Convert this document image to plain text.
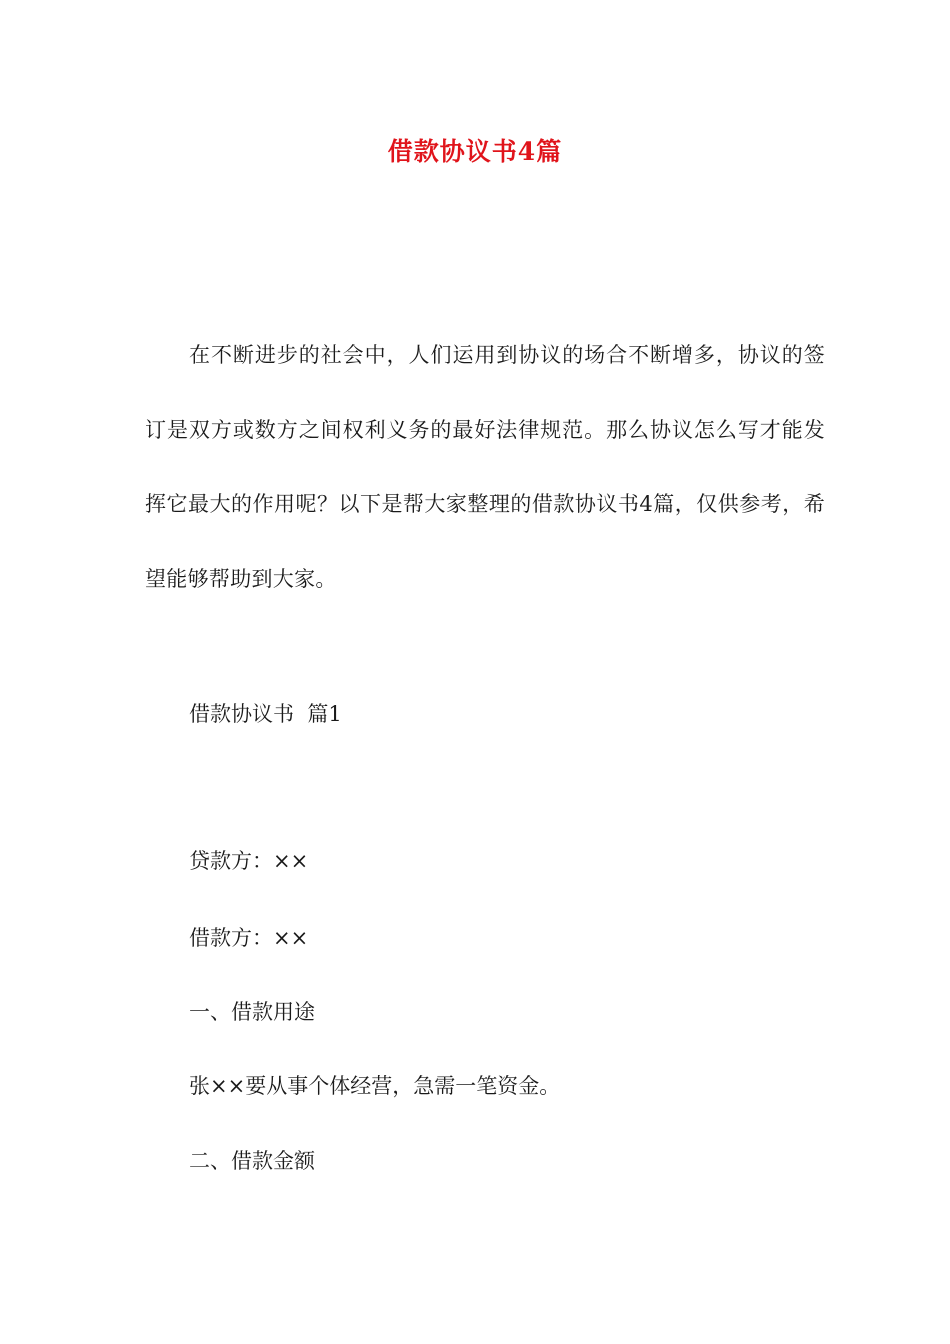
借款协议书4篇

在不断进步的社会中，人们运用到协议的场合不断增多，协议的签订是双方或数方之间权利义务的最好法律规范。那么协议怎么写才能发挥它最大的作用呢？以下是帮大家整理的借款协议书4篇，仅供参考，希望能够帮助到大家。

借款协议书  篇1
贷款方：××
借款方：××
一、借款用途
张××要从事个体经营，急需一笔资金。
二、借款金额
